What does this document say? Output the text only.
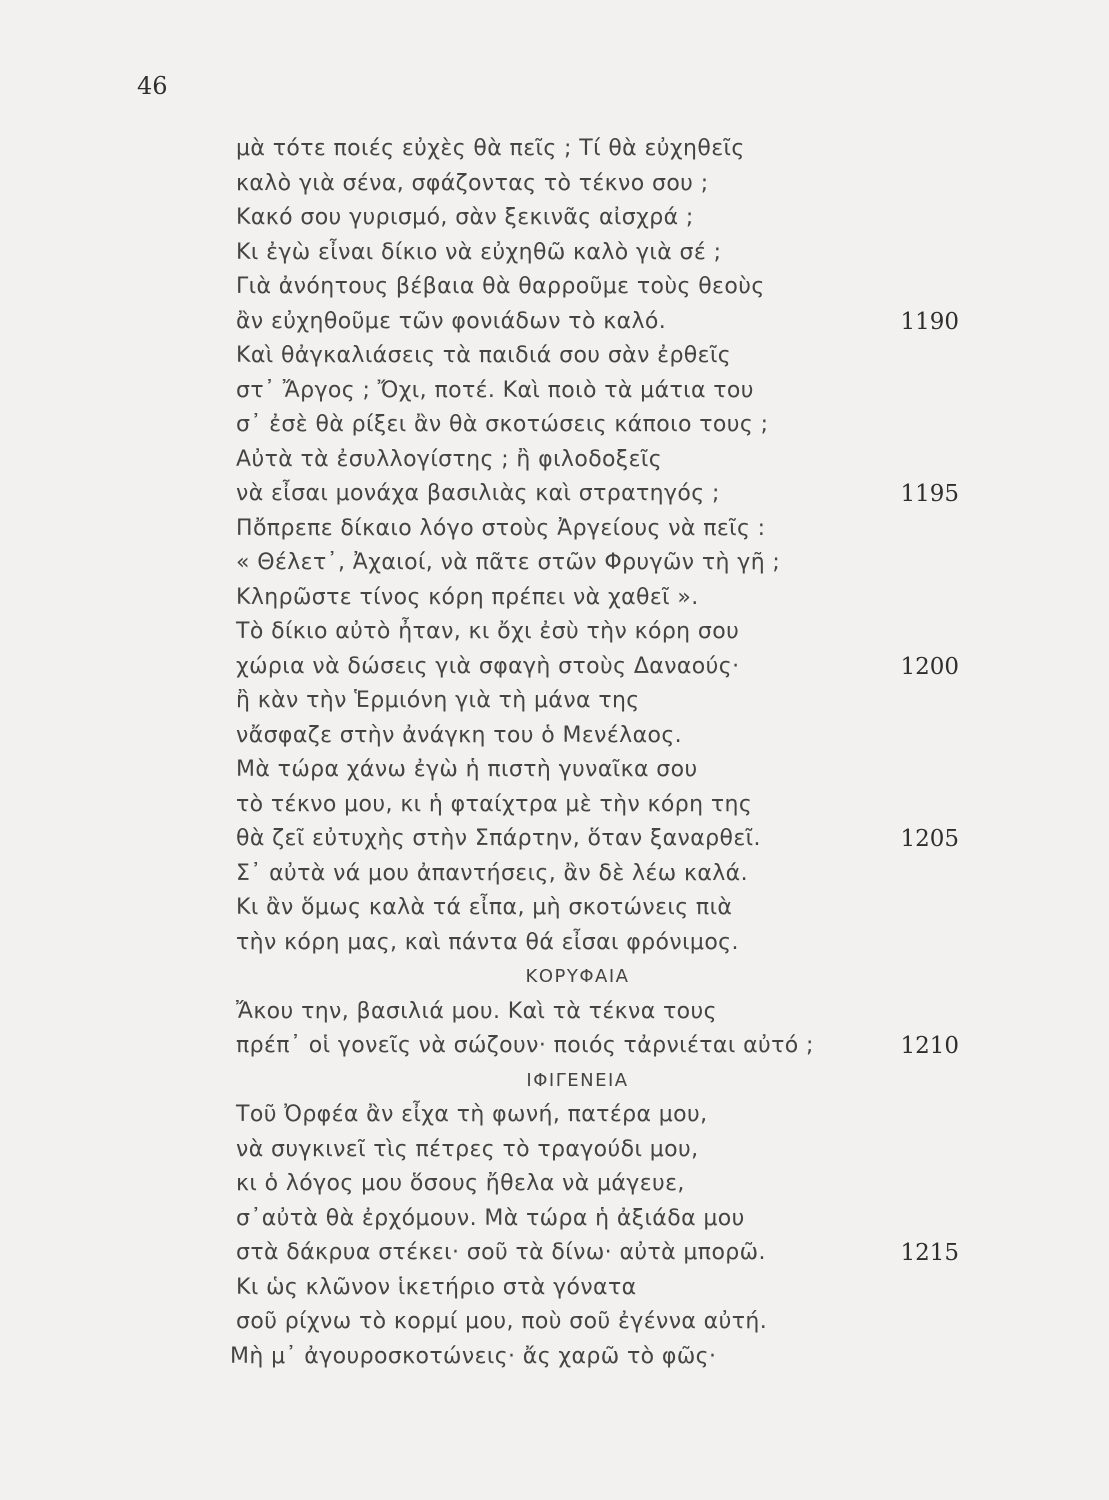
46
μὰ τότε ποιές εὐχὲς θὰ πεῖς ; Τί θὰ εὐχηθεῖς
καλὸ γιὰ σένα, σφάζοντας τὸ τέκνο σου ;
Κακό σου γυρισμό, σὰν ξεκινᾶς αἰσχρά ;
Κι ἐγὼ εἶναι δίκιο νὰ εὐχηθῶ καλὸ γιὰ σέ ;
Γιὰ ἀνόητους βέβαια θὰ θαρροῦμε τοὺς θεοὺς
ἂν εὐχηθοῦμε τῶν φονιάδων τὸ καλό.	1190
Καὶ θἀγκαλιάσεις τὰ παιδιά σου σὰν ἐρθεῖς
στ᾿ Ἄργος ; Ὄχι, ποτέ. Καὶ ποιὸ τὰ μάτια του
σ᾿ ἐσὲ θὰ ρίξει ἂν θὰ σκοτώσεις κάποιο τους ;
Αὐτὰ τὰ ἐσυλλογίστης ; ἢ φιλοδοξεῖς
νὰ εἶσαι μονάχα βασιλιὰς καὶ στρατηγός ;	1195
Πὄπρεπε δίκαιο λόγο στοὺς Ἀργείους νὰ πεῖς :
« Θέλετ᾿, Ἀχαιοί, νὰ πᾶτε στῶν Φρυγῶν τὴ γῆ ;
Κληρῶστε τίνος κόρη πρέπει νὰ χαθεῖ ».
Τὸ δίκιο αὐτὸ ἦταν, κι ὄχι ἐσὺ τὴν κόρη σου
χώρια νὰ δώσεις γιὰ σφαγὴ στοὺς Δαναούς·	1200
ἢ κὰν τὴν Ἑρμιόνη γιὰ τὴ μάνα της
νἄσφαζε στὴν ἀνάγκη του ὁ Μενέλαος.
Μὰ τώρα χάνω ἐγὼ ἡ πιστὴ γυναῖκα σου
τὸ τέκνο μου, κι ἡ φταίχτρα μὲ τὴν κόρη της
θὰ ζεῖ εὐτυχὴς στὴν Σπάρτην, ὅταν ξαναρθεῖ.	1205
Σ᾿ αὐτὰ νά μου ἀπαντήσεις, ἂν δὲ λέω καλά.
Κι ἂν ὅμως καλὰ τά εἶπα, μὴ σκοτώνεις πιὰ
τὴν κόρη μας, καὶ πάντα θά εἶσαι φρόνιμος.
ΚΟΡΥΦΑΙΑ
Ἄκου την, βασιλιά μου. Καὶ τὰ τέκνα τους
πρέπ᾿ οἱ γονεῖς νὰ σώζουν· ποιός τἀρνιέται αὐτό ;	1210
ΙΦΙΓΕΝΕΙΑ
Τοῦ Ὀρφέα ἂν εἶχα τὴ φωνή, πατέρα μου,
νὰ συγκινεῖ τὶς πέτρες τὸ τραγούδι μου,
κι ὁ λόγος μου ὅσους ἤθελα νὰ μάγευε,
σ᾿αὐτὰ θὰ ἐρχόμουν. Μὰ τώρα ἡ ἀξιάδα μου
στὰ δάκρυα στέκει· σοῦ τὰ δίνω· αὐτὰ μπορῶ.	1215
Κι ὡς κλῶνον ἱκετήριο στὰ γόνατα
σοῦ ρίχνω τὸ κορμί μου, ποὺ σοῦ ἐγέννα αὐτή.
Μὴ μ᾿ ἀγουροσκοτώνεις· ἄς χαρῶ τὸ φῶς·
